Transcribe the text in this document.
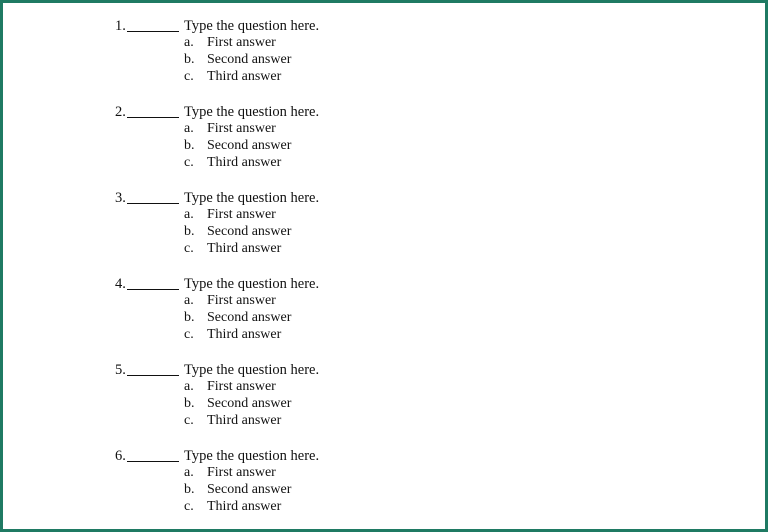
1.	Type the question here.
a. First answer
b. Second answer
c. Third answer
2.	Type the question here.
a. First answer
b. Second answer
c. Third answer
3.	Type the question here.
a. First answer
b. Second answer
c. Third answer
4.	Type the question here.
a. First answer
b. Second answer
c. Third answer
5.	Type the question here.
a. First answer
b. Second answer
c. Third answer
6.	Type the question here.
a. First answer
b. Second answer
c. Third answer
